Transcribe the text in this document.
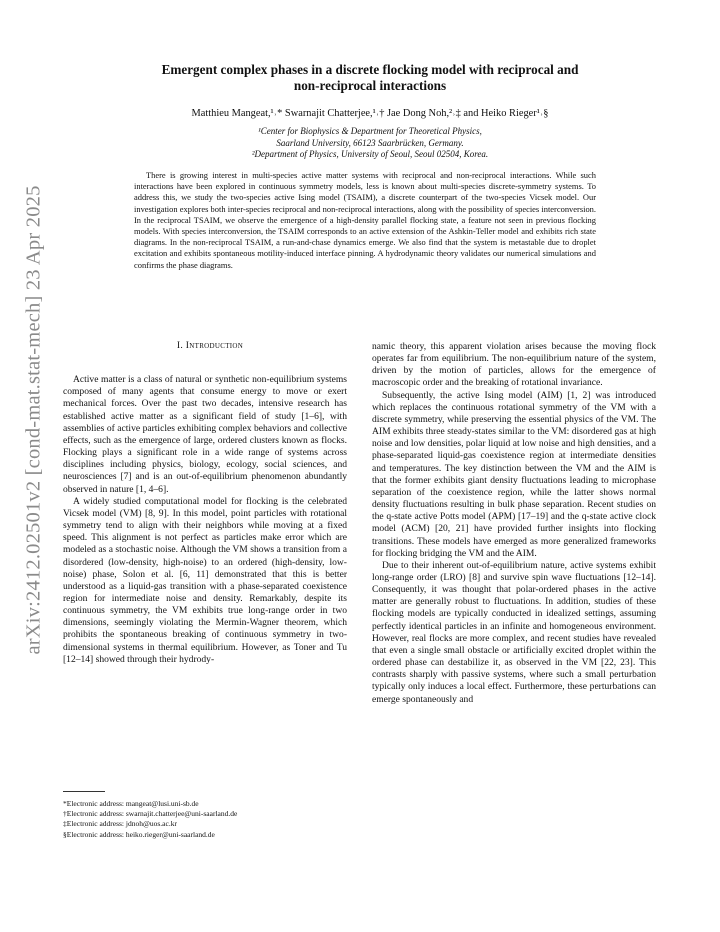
arXiv:2412.02501v2 [cond-mat.stat-mech] 23 Apr 2025
Emergent complex phases in a discrete flocking model with reciprocal and
non-reciprocal interactions
Matthieu Mangeat,¹˒* Swarnajit Chatterjee,¹˒† Jae Dong Noh,²˒‡ and Heiko Rieger¹˒§
¹Center for Biophysics & Department for Theoretical Physics,
Saarland University, 66123 Saarbrücken, Germany.
²Department of Physics, University of Seoul, Seoul 02504, Korea.
There is growing interest in multi-species active matter systems with reciprocal and non-reciprocal interactions. While such interactions have been explored in continuous symmetry models, less is known about multi-species discrete-symmetry systems. To address this, we study the two-species active Ising model (TSAIM), a discrete counterpart of the two-species Vicsek model. Our investigation explores both inter-species reciprocal and non-reciprocal interactions, along with the possibility of species interconversion. In the reciprocal TSAIM, we observe the emergence of a high-density parallel flocking state, a feature not seen in previous flocking models. With species interconversion, the TSAIM corresponds to an active extension of the Ashkin-Teller model and exhibits rich state diagrams. In the non-reciprocal TSAIM, a run-and-chase dynamics emerge. We also find that the system is metastable due to droplet excitation and exhibits spontaneous motility-induced interface pinning. A hydrodynamic theory validates our numerical simulations and confirms the phase diagrams.
I. Introduction

Active matter is a class of natural or synthetic non-equilibrium systems composed of many agents that consume energy to move or exert mechanical forces. Over the past two decades, intensive research has established active matter as a significant field of study [1–6], with assemblies of active particles exhibiting complex behaviors and collective effects, such as the emergence of large, ordered clusters known as flocks. Flocking plays a significant role in a wide range of systems across disciplines including physics, biology, ecology, social sciences, and neurosciences [7] and is an out-of-equilibrium phenomenon abundantly observed in nature [1, 4–6].

A widely studied computational model for flocking is the celebrated Vicsek model (VM) [8, 9]. In this model, point particles with rotational symmetry tend to align with their neighbors while moving at a fixed speed. This alignment is not perfect as particles make error which are modeled as a stochastic noise. Although the VM shows a transition from a disordered (low-density, high-noise) to an ordered (high-density, low-noise) phase, Solon et al. [6, 11] demonstrated that this is better understood as a liquid-gas transition with a phase-separated coexistence region for intermediate noise and density. Remarkably, despite its continuous symmetry, the VM exhibits true long-range order in two dimensions, seemingly violating the Mermin-Wagner theorem, which prohibits the spontaneous breaking of continuous symmetry in two-dimensional systems in thermal equilibrium. However, as Toner and Tu [12–14] showed through their hydrody-

namic theory, this apparent violation arises because the moving flock operates far from equilibrium. The non-equilibrium nature of the system, driven by the motion of particles, allows for the emergence of macroscopic order and the breaking of rotational invariance.

Subsequently, the active Ising model (AIM) [1, 2] was introduced which replaces the continuous rotational symmetry of the VM with a discrete symmetry, while preserving the essential physics of the VM. The AIM exhibits three steady-states similar to the VM: disordered gas at high noise and low densities, polar liquid at low noise and high densities, and a phase-separated liquid-gas coexistence region at intermediate densities and temperatures. The key distinction between the VM and the AIM is that the former exhibits giant density fluctuations leading to microphase separation of the coexistence region, while the latter shows normal density fluctuations resulting in bulk phase separation. Recent studies on the q-state active Potts model (APM) [17–19] and the q-state active clock model (ACM) [20, 21] have provided further insights into flocking transitions. These models have emerged as more generalized frameworks for flocking bridging the VM and the AIM.

Due to their inherent out-of-equilibrium nature, active systems exhibit long-range order (LRO) [8] and survive spin wave fluctuations [12–14]. Consequently, it was thought that polar-ordered phases in the active matter are generally robust to fluctuations. In addition, studies of these flocking models are typically conducted in idealized settings, assuming perfectly identical particles in an infinite and homogeneous environment. However, real flocks are more complex, and recent studies have revealed that even a single small obstacle or artificially excited droplet within the ordered phase can destabilize it, as observed in the VM [22, 23]. This contrasts sharply with passive systems, where such a small perturbation typically only induces a local effect. Furthermore, these perturbations can emerge spontaneously and

*Electronic address: mangeat@lusi.uni-sb.de
†Electronic address: swarnajit.chatterjee@uni-saarland.de
‡Electronic address: jdnoh@uos.ac.kr
§Electronic address: heiko.rieger@uni-saarland.de
